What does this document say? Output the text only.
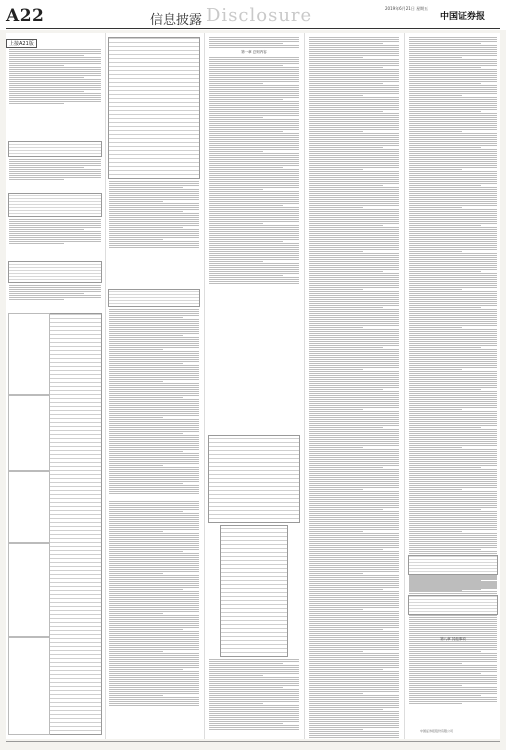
A22	信息披露 Disclosure	2019年6月21日 星期五
中国证券报
上接A21版
第一章 总则内容
第八章 其他事项
中国证券报股份有限公司
